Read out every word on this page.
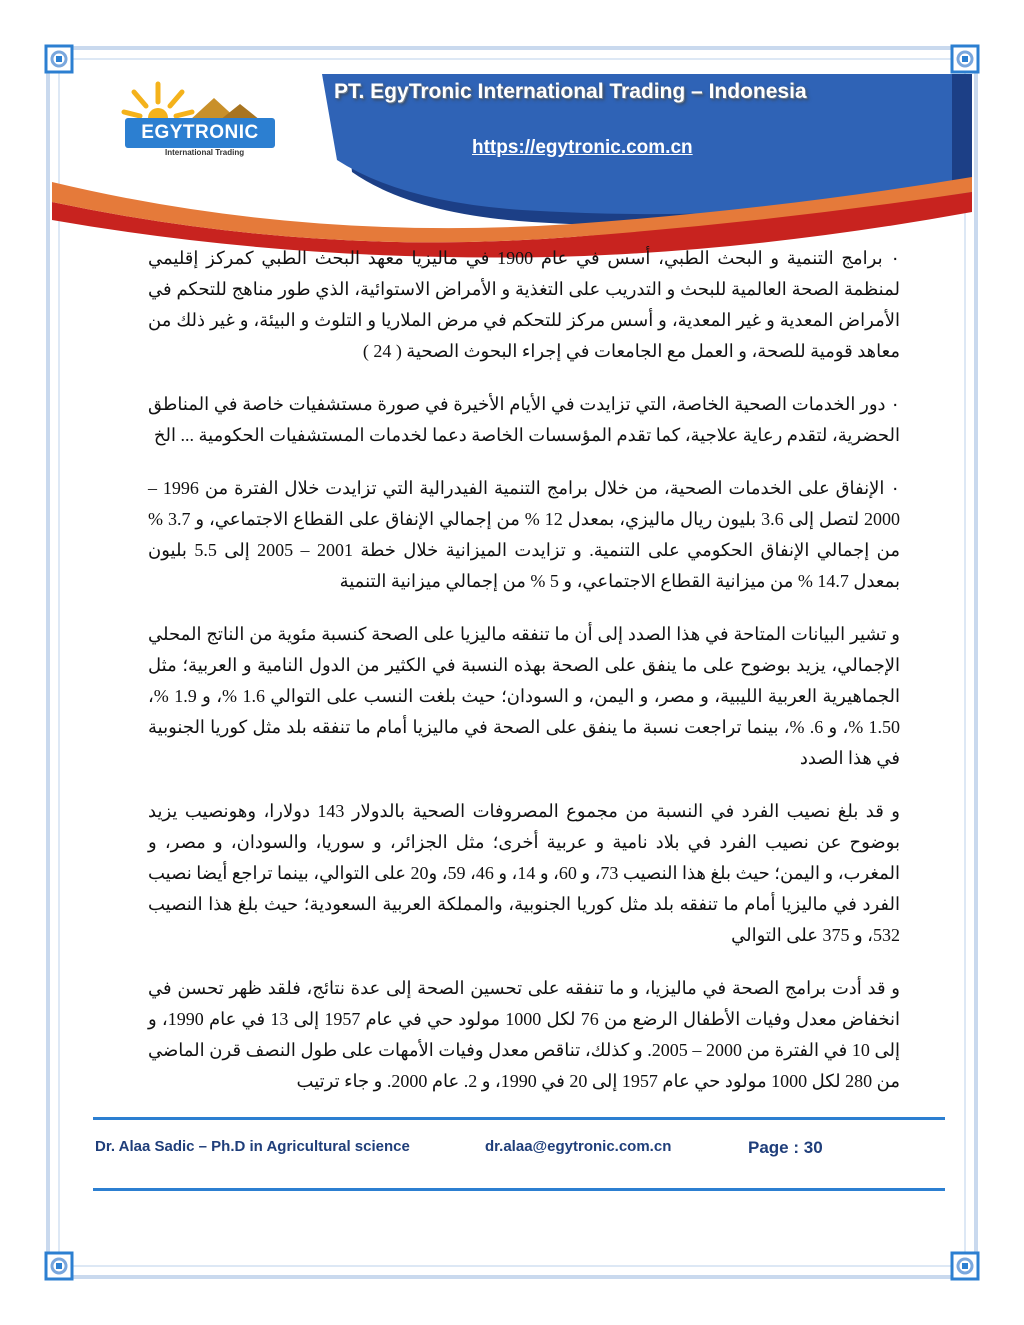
EGYTRONIC
International Trading
PT. EgyTronic International Trading – Indonesia
https://egytronic.com.cn

٠ برامج التنمية و البحث الطبي، أسس في عام 1900 في ماليزيا معهد البحث الطبي كمركز إقليمي لمنظمة الصحة العالمية للبحث و التدريب على التغذية و الأمراض الاستوائية، الذي طور مناهج للتحكم في الأمراض المعدية و غير المعدية، و أسس مركز للتحكم في مرض الملاريا و التلوث و البيئة، و غير ذلك من معاهد قومية للصحة، و العمل مع الجامعات في إجراء البحوث الصحية ( 24 )

٠ دور الخدمات الصحية الخاصة، التي تزايدت في الأيام الأخيرة في صورة مستشفيات خاصة في المناطق الحضرية، لتقدم رعاية علاجية، كما تقدم المؤسسات الخاصة دعما لخدمات المستشفيات الحكومية ... الخ

٠ الإنفاق على الخدمات الصحية، من خلال برامج التنمية الفيدرالية التي تزايدت خلال الفترة من 1996 – 2000 لتصل إلى 3.6 بليون ريال ماليزي، بمعدل 12 % من إجمالي الإنفاق على القطاع الاجتماعي، و 3.7 % من إجمالي الإنفاق الحكومي على التنمية. و تزايدت الميزانية خلال خطة 2001 – 2005 إلى 5.5 بليون بمعدل 14.7 % من ميزانية القطاع الاجتماعي، و 5 % من إجمالي ميزانية التنمية

و تشير البيانات المتاحة في هذا الصدد إلى أن ما تنفقه ماليزيا على الصحة كنسبة مئوية من الناتج المحلي الإجمالي، يزيد بوضوح على ما ينفق على الصحة بهذه النسبة في الكثير من الدول النامية و العربية؛ مثل الجماهيرية العربية الليبية، و مصر، و اليمن، و السودان؛ حيث بلغت النسب على التوالي 1.6 %، و 1.9 %، 1.50 %، و 6. %، بينما تراجعت نسبة ما ينفق على الصحة في ماليزيا أمام ما تنفقه بلد مثل كوريا الجنوبية في هذا الصدد

و قد بلغ نصيب الفرد في النسبة من مجموع المصروفات الصحية بالدولار 143 دولارا، وهونصيب يزيد بوضوح عن نصيب الفرد في بلاد نامية و عربية أخرى؛ مثل الجزائر، و سوريا، والسودان، و مصر، و المغرب، و اليمن؛ حيث بلغ هذا النصيب 73، و 60، و 14، و 46، 59، و20 على التوالي، بينما تراجع أيضا نصيب الفرد في ماليزيا أمام ما تنفقه بلد مثل كوريا الجنوبية، والمملكة العربية السعودية؛ حيث بلغ هذا النصيب 532، و 375 على التوالي

و قد أدت برامج الصحة في ماليزيا، و ما تنفقه على تحسين الصحة إلى عدة نتائج، فلقد ظهر تحسن في انخفاض معدل وفيات الأطفال الرضع من 76 لكل 1000 مولود حي في عام 1957 إلى 13 في عام 1990، و إلى 10 في الفترة من 2000 – 2005. و كذلك، تناقص معدل وفيات الأمهات على طول النصف قرن الماضي من 280 لكل 1000 مولود حي عام 1957 إلى 20 في 1990، و 2. عام 2000. و جاء ترتيب

Dr. Alaa Sadic – Ph.D in Agricultural science	dr.alaa@egytronic.com.cn	Page : 30
